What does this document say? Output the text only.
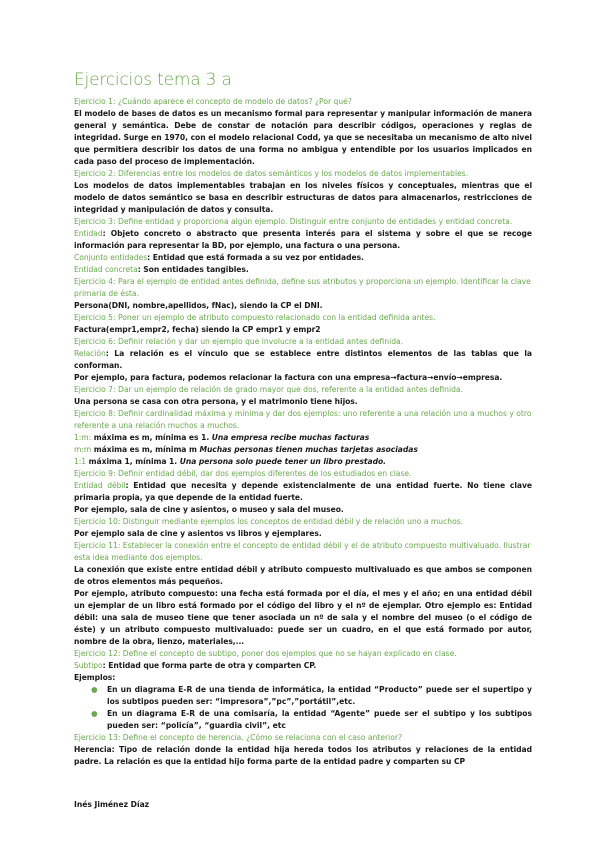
Ejercicios tema 3 a

Ejercicio 1: ¿Cuándo aparece el concepto de modelo de datos? ¿Por qué?

El modelo de bases de datos es un mecanismo formal para representar y manipular información de manera general y semántica. Debe de constar de notación para describir códigos, operaciones y reglas de integridad. Surge en 1970, con el modelo relacional Codd, ya que se necesitaba un mecanismo de alto nivel que permitiera describir los datos de una forma no ambigua y entendible por los usuarios implicados en cada paso del proceso de implementación.

Ejercicio 2: Diferencias entre los modelos de datos semánticos y los modelos de datos implementables.

Los modelos de datos implementables trabajan en los niveles físicos y conceptuales, mientras que el modelo de datos semántico se basa en describir estructuras de datos para almacenarlos, restricciones de integridad y manipulación de datos y consulta.

Ejercicio 3: Define entidad y proporciona algún ejemplo. Distinguir entre conjunto de entidades y entidad concreta.

Entidad: Objeto concreto o abstracto que presenta interés para el sistema y sobre el que se recoge información para representar la BD, por ejemplo, una factura o una persona.

Conjunto entidades: Entidad que está formada a su vez por entidades.

Entidad concreta: Son entidades tangibles.

Ejercicio 4: Para el ejemplo de entidad antes definida, define sus atributos y proporciona un ejemplo. Identificar la clave primaria de ésta.

Persona(DNI, nombre,apellidos, fNac), siendo la CP el DNI.

Ejercicio 5: Poner un ejemplo de atributo compuesto relacionado con la entidad definida antes.

Factura(empr1,empr2, fecha) siendo la CP empr1 y empr2

Ejercicio 6: Definir relación y dar un ejemplo que involucre a la entidad antes definida.

Relación: La relación es el vínculo que se establece entre distintos elementos de las tablas que la conforman.

Por ejemplo, para factura, podemos relacionar la factura con una empresa→factura→envío→empresa.

Ejercicio 7: Dar un ejemplo de relación de grado mayor que dos, referente a la entidad antes definida.

Una persona se casa con otra persona, y el matrimonio tiene hijos.

Ejercicio 8: Definir cardinalidad máxima y mínima y dar dos ejemplos: uno referente a una relación uno a muchos y otro referente a una relación muchos a muchos.

1:m: máxima es m, mínima es 1. Una empresa recibe muchas facturas

m:m máxima es m, mínima m Muchas personas tienen muchas tarjetas asociadas

1:1 máxima 1, mínima 1. Una persona solo puede tener un libro prestado.

Ejercicio 9: Definir entidad débil, dar dos ejemplos diferentes de los estudiados en clase.

Entidad débil: Entidad que necesita y depende existencialmente de una entidad fuerte. No tiene clave primaria propia, ya que depende de la entidad fuerte.

Por ejemplo, sala de cine y asientos, o museo y sala del museo.

Ejercicio 10: Distinguir mediante ejemplos los conceptos de entidad débil y de relación uno a muchos.

Por ejemplo sala de cine y asientos vs libros y ejemplares.

Ejercicio 11: Establecer la conexión entre el concepto de entidad débil y el de atributo compuesto multivaluado. Ilustrar esta idea mediante dos ejemplos.

La conexión que existe entre entidad débil y atributo compuesto multivaluado es que ambos se componen de otros elementos más pequeños.

Por ejemplo, atributo compuesto: una fecha está formada por el día, el mes y el año; en una entidad débil un ejemplar de un libro está formado por el código del libro y el nº de ejemplar. Otro ejemplo es: Entidad débil: una sala de museo tiene que tener asociada un nº de sala y el nombre del museo (o el código de éste) y un atributo compuesto multivaluado: puede ser un cuadro, en el que está formado por autor, nombre de la obra, lienzo, materiales,...

Ejercicio 12: Define el concepto de subtipo, poner dos ejemplos que no se hayan explicado en clase.

Subtipo: Entidad que forma parte de otra y comparten CP.

Ejemplos:

● En un diagrama E-R de una tienda de informática, la entidad “Producto” puede ser el supertipo y los subtipos pueden ser: “impresora”,”pc”,”portátil”,etc.
● En un diagrama E-R de una comisaría, la entidad “Agente” puede ser el subtipo y los subtipos pueden ser: “policía”, “guardia civil”, etc

Ejercicio 13: Define el concepto de herencia. ¿Cómo se relaciona con el caso anterior?

Herencia: Tipo de relación donde la entidad hija hereda todos los atributos y relaciones de la entidad padre. La relación es que la entidad hijo forma parte de la entidad padre y comparten su CP

Inés Jiménez Díaz
